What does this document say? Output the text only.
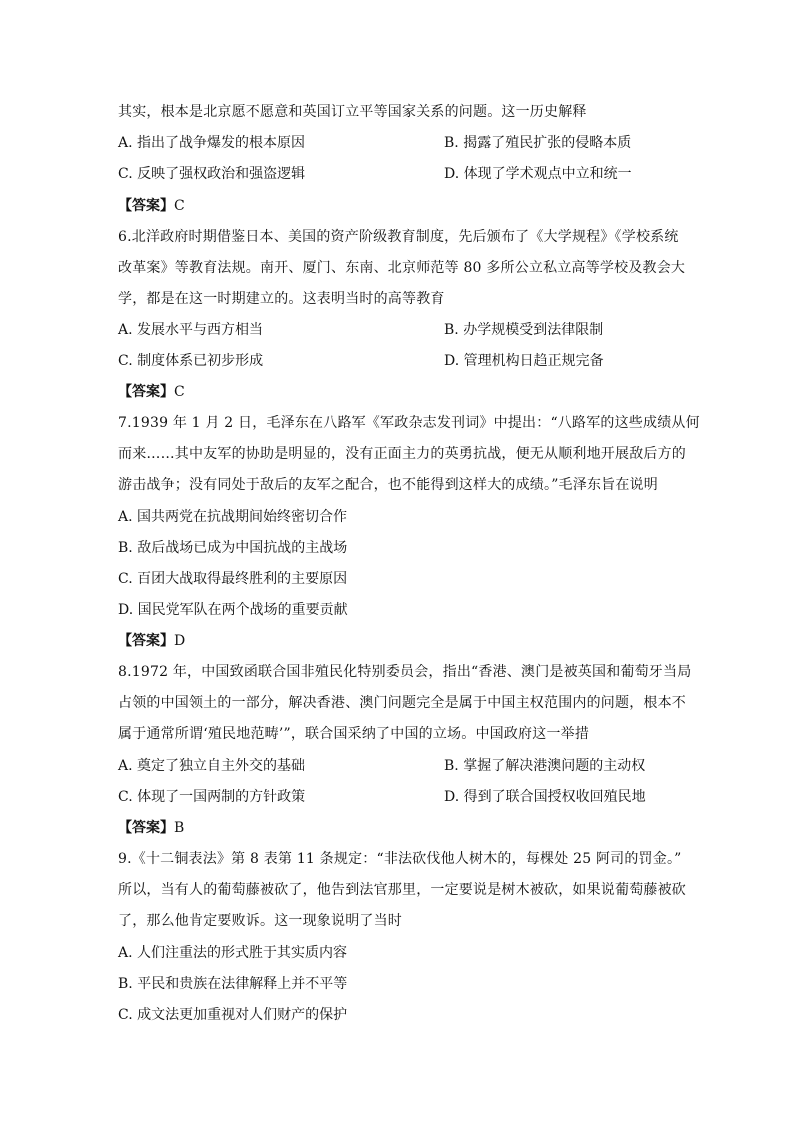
其实，根本是北京愿不愿意和英国订立平等国家关系的问题。这一历史解释
A. 指出了战争爆发的根本原因	B. 揭露了殖民扩张的侵略本质
C. 反映了强权政治和强盗逻辑	D. 体现了学术观点中立和统一
【答案】C
6.北洋政府时期借鉴日本、美国的资产阶级教育制度，先后颁布了《大学规程》《学校系统
改革案》等教育法规。南开、厦门、东南、北京师范等 80 多所公立私立高等学校及教会大
学，都是在这一时期建立的。这表明当时的高等教育
A. 发展水平与西方相当	B. 办学规模受到法律限制
C. 制度体系已初步形成	D. 管理机构日趋正规完备
【答案】C
7.1939 年 1 月 2 日，毛泽东在八路军《军政杂志发刊词》中提出：“八路军的这些成绩从何
而来……其中友军的协助是明显的，没有正面主力的英勇抗战，便无从顺利地开展敌后方的
游击战争；没有同处于敌后的友军之配合，也不能得到这样大的成绩。”毛泽东旨在说明
A. 国共两党在抗战期间始终密切合作
B. 敌后战场已成为中国抗战的主战场
C. 百团大战取得最终胜利的主要原因
D. 国民党军队在两个战场的重要贡献
【答案】D
8.1972 年，中国致函联合国非殖民化特别委员会，指出“香港、澳门是被英国和葡萄牙当局
占领的中国领土的一部分，解决香港、澳门问题完全是属于中国主权范围内的问题，根本不
属于通常所谓‘殖民地范畴’”，联合国采纳了中国的立场。中国政府这一举措
A. 奠定了独立自主外交的基础	B. 掌握了解决港澳问题的主动权
C. 体现了一国两制的方针政策	D. 得到了联合国授权收回殖民地
【答案】B
9.《十二铜表法》第 8 表第 11 条规定：“非法砍伐他人树木的，每棵处 25 阿司的罚金。”
所以，当有人的葡萄藤被砍了，他告到法官那里，一定要说是树木被砍，如果说葡萄藤被砍
了，那么他肯定要败诉。这一现象说明了当时
A. 人们注重法的形式胜于其实质内容
B. 平民和贵族在法律解释上并不平等
C. 成文法更加重视对人们财产的保护
